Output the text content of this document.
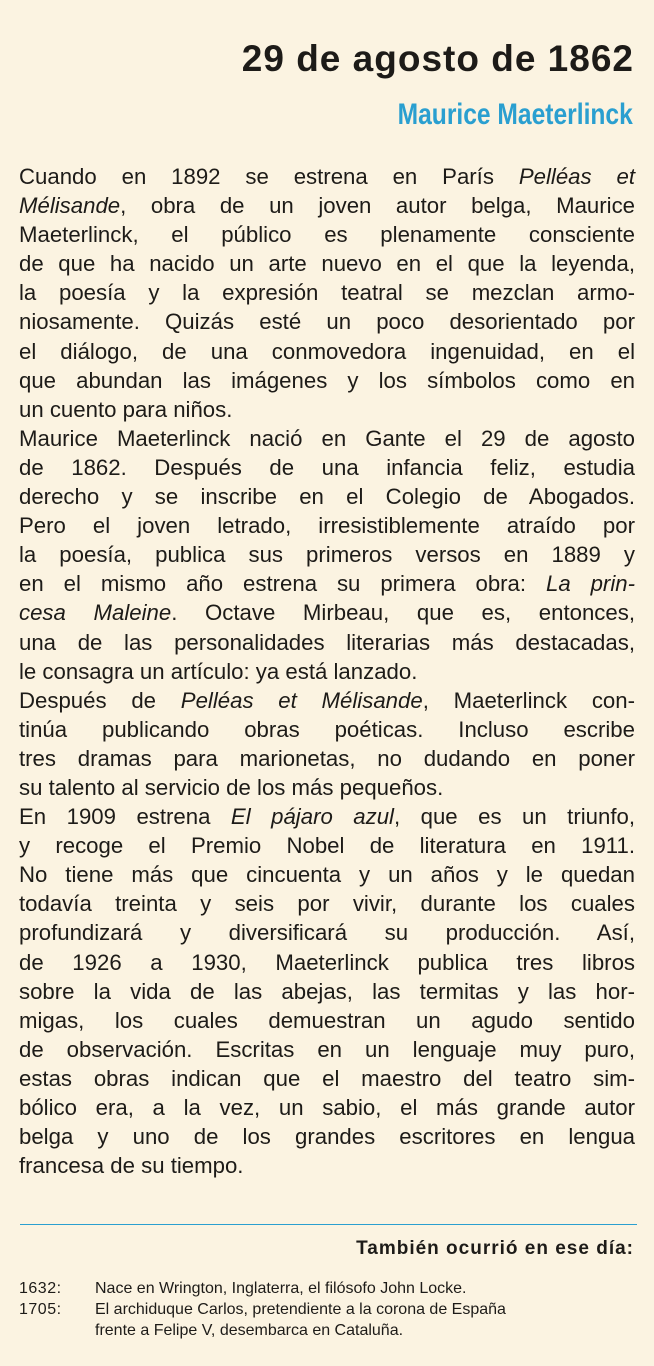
29 de agosto de 1862
Maurice Maeterlinck
Cuando en 1892 se estrena en París Pelléas et
Mélisande, obra de un joven autor belga, Maurice
Maeterlinck, el público es plenamente consciente
de que ha nacido un arte nuevo en el que la leyenda,
la poesía y la expresión teatral se mezclan armo-
niosamente. Quizás esté un poco desorientado por
el diálogo, de una conmovedora ingenuidad, en el
que abundan las imágenes y los símbolos como en
un cuento para niños.
Maurice Maeterlinck nació en Gante el 29 de agosto
de 1862. Después de una infancia feliz, estudia
derecho y se inscribe en el Colegio de Abogados.
Pero el joven letrado, irresistiblemente atraído por
la poesía, publica sus primeros versos en 1889 y
en el mismo año estrena su primera obra: La prin-
cesa Maleine. Octave Mirbeau, que es, entonces,
una de las personalidades literarias más destacadas,
le consagra un artículo: ya está lanzado.
Después de Pelléas et Mélisande, Maeterlinck con-
tinúa publicando obras poéticas. Incluso escribe
tres dramas para marionetas, no dudando en poner
su talento al servicio de los más pequeños.
En 1909 estrena El pájaro azul, que es un triunfo,
y recoge el Premio Nobel de literatura en 1911.
No tiene más que cincuenta y un años y le quedan
todavía treinta y seis por vivir, durante los cuales
profundizará y diversificará su producción. Así,
de 1926 a 1930, Maeterlinck publica tres libros
sobre la vida de las abejas, las termitas y las hor-
migas, los cuales demuestran un agudo sentido
de observación. Escritas en un lenguaje muy puro,
estas obras indican que el maestro del teatro sim-
bólico era, a la vez, un sabio, el más grande autor
belga y uno de los grandes escritores en lengua
francesa de su tiempo.
También ocurrió en ese día:
1632:	Nace en Wrington, Inglaterra, el filósofo John Locke.
1705:	El archiduque Carlos, pretendiente a la corona de España
frente a Felipe V, desembarca en Cataluña.
